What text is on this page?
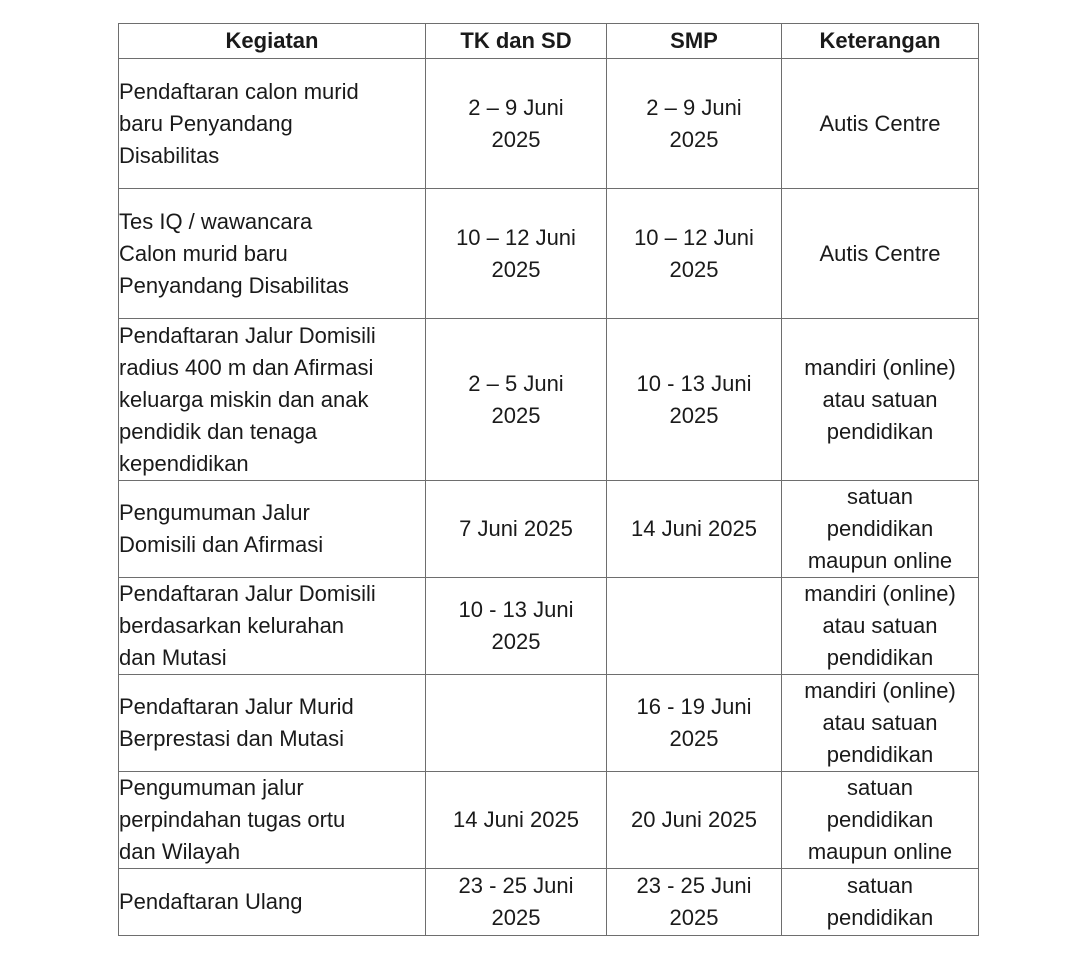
Kegiatan	TK dan SD	SMP	Keterangan

Pendaftaran calon murid
baru Penyandang
Disabilitas	2 – 9 Juni
2025	2 – 9 Juni
2025	Autis Centre

Tes IQ / wawancara
Calon murid baru
Penyandang Disabilitas	10 – 12 Juni
2025	10 – 12 Juni
2025	Autis Centre

Pendaftaran Jalur Domisili
radius 400 m dan Afirmasi
keluarga miskin dan anak
pendidik dan tenaga
kependidikan	2 – 5 Juni
2025	10 - 13 Juni
2025	mandiri (online)
atau satuan
pendidikan

Pengumuman Jalur
Domisili dan Afirmasi	7 Juni 2025	14 Juni 2025	satuan
pendidikan
maupun online

Pendaftaran Jalur Domisili
berdasarkan kelurahan
dan Mutasi	10 - 13 Juni
2025		mandiri (online)
atau satuan
pendidikan

Pendaftaran Jalur Murid
Berprestasi dan Mutasi		16 - 19 Juni
2025	mandiri (online)
atau satuan
pendidikan

Pengumuman jalur
perpindahan tugas ortu
dan Wilayah	14 Juni 2025	20 Juni 2025	satuan
pendidikan
maupun online

Pendaftaran Ulang	23 - 25 Juni
2025	23 - 25 Juni
2025	satuan
pendidikan
